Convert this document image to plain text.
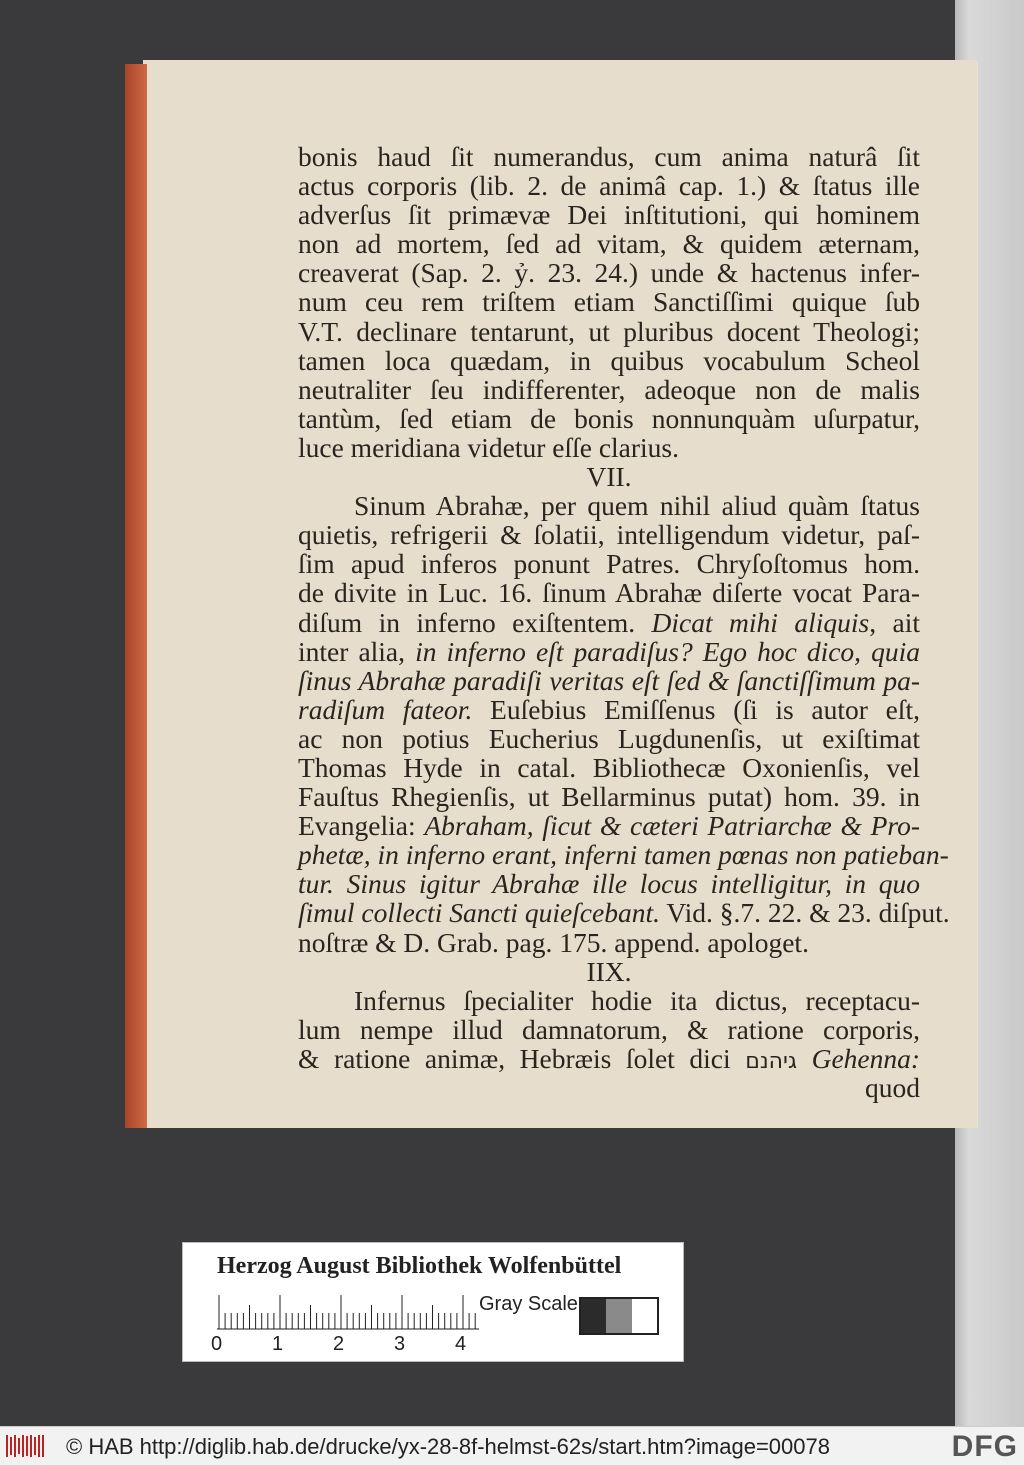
bonis haud ſit numerandus, cum anima naturâ ſit
actus corporis (lib. 2. de animâ cap. 1.) & ſtatus ille
adverſus ſit primævæ Dei inſtitutioni, qui hominem
non ad mortem, ſed ad vitam, & quidem æternam,
creaverat (Sap. 2. ỷ. 23. 24.) unde & hactenus infer-
num ceu rem triſtem etiam Sanctiſſimi quique ſub
V.T. declinare tentarunt, ut pluribus docent Theologi;
tamen loca quædam, in quibus vocabulum Scheol
neutraliter ſeu indifferenter, adeoque non de malis
tantùm, ſed etiam de bonis nonnunquàm uſurpatur,
luce meridiana videtur eſſe clarius.
VII.
Sinum Abrahæ, per quem nihil aliud quàm ſtatus
quietis, refrigerii & ſolatii, intelligendum videtur, paſ-
ſim apud inferos ponunt Patres. Chryſoſtomus hom.
de divite in Luc. 16. ſinum Abrahæ diſerte vocat Para-
diſum in inferno exiſtentem. Dicat mihi aliquis, ait
inter alia, in inferno eſt paradiſus? Ego hoc dico, quia
ſinus Abrahæ paradiſi veritas eſt ſed & ſanctiſſimum pa-
radiſum fateor. Euſebius Emiſſenus (ſi is autor eſt,
ac non potius Eucherius Lugdunenſis, ut exiſtimat
Thomas Hyde in catal. Bibliothecæ Oxonienſis, vel
Fauſtus Rhegienſis, ut Bellarminus putat) hom. 39. in
Evangelia: Abraham, ſicut & cæteri Patriarchæ & Pro-
phetæ, in inferno erant, inferni tamen pœnas non patieban-
tur. Sinus igitur Abrahæ ille locus intelligitur, in quo
ſimul collecti Sancti quieſcebant. Vid. §.7. 22. & 23. diſput.
noſtræ & D. Grab. pag. 175. append. apologet.
IIX.
Infernus ſpecialiter hodie ita dictus, receptacu-
lum nempe illud damnatorum, & ratione corporis,
& ratione animæ, Hebræis ſolet dici גיהנם Gehenna:
quod
Herzog August Bibliothek Wolfenbüttel
0 1 2 3 4
Gray Scale
© HAB http://diglib.hab.de/drucke/yx-28-8f-helmst-62s/start.htm?image=00078	DFG
